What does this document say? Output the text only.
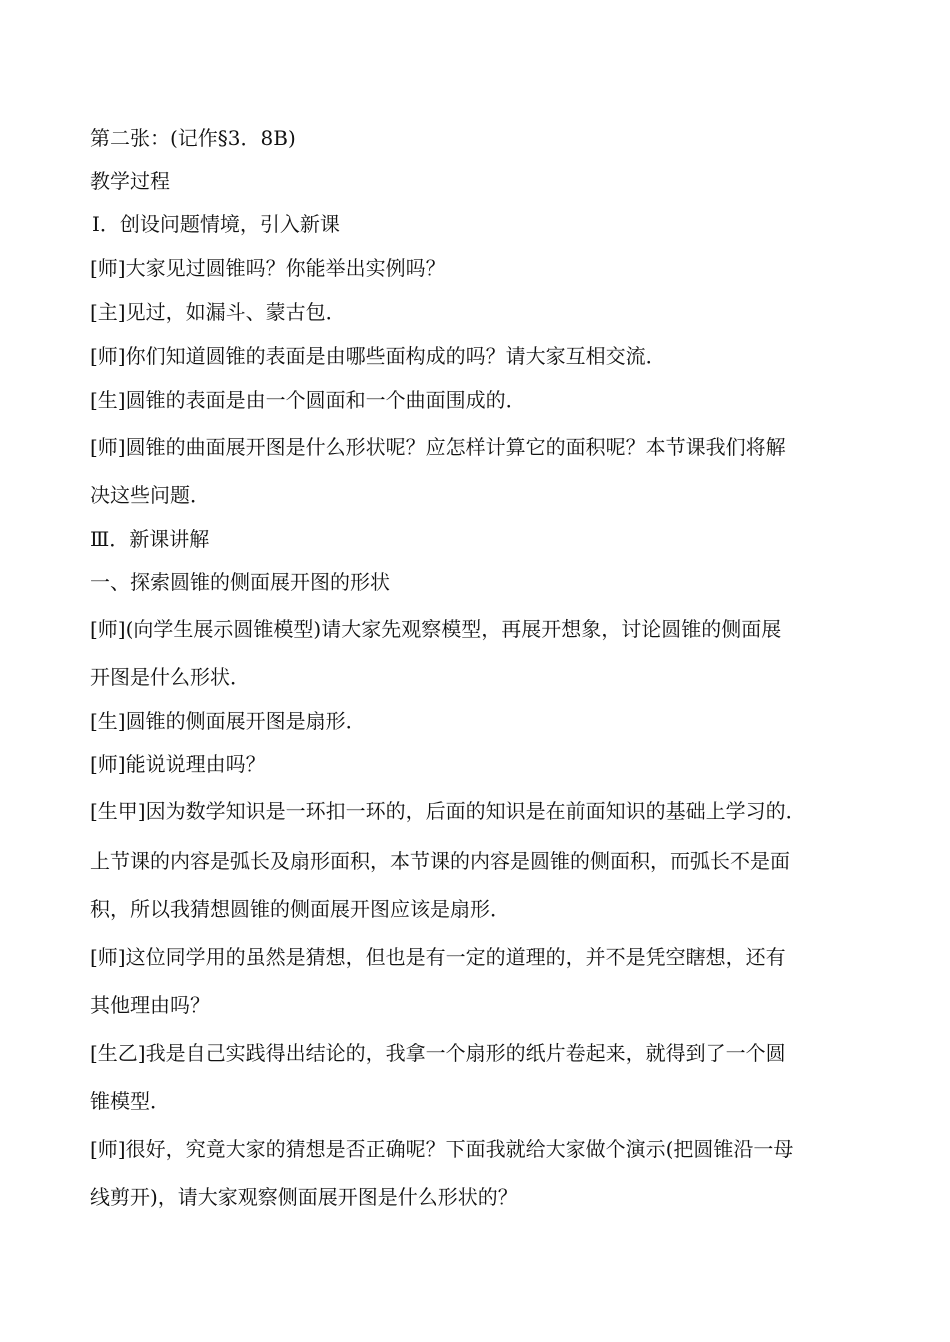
第二张：(记作§3．8B)
教学过程
Ⅰ．创设问题情境，引入新课
[师]大家见过圆锥吗？你能举出实例吗？
[主]见过，如漏斗、蒙古包．
[师]你们知道圆锥的表面是由哪些面构成的吗？请大家互相交流．
[生]圆锥的表面是由一个圆面和一个曲面围成的．
[师]圆锥的曲面展开图是什么形状呢？应怎样计算它的面积呢？本节课我们将解
决这些问题．
Ⅲ．新课讲解
一、探索圆锥的侧面展开图的形状
[师](向学生展示圆锥模型)请大家先观察模型，再展开想象，讨论圆锥的侧面展
开图是什么形状．
[生]圆锥的侧面展开图是扇形．
[师]能说说理由吗？
[生甲]因为数学知识是一环扣一环的，后面的知识是在前面知识的基础上学习的．
上节课的内容是弧长及扇形面积，本节课的内容是圆锥的侧面积，而弧长不是面
积，所以我猜想圆锥的侧面展开图应该是扇形．
[师]这位同学用的虽然是猜想，但也是有一定的道理的，并不是凭空瞎想，还有
其他理由吗？
[生乙]我是自己实践得出结论的，我拿一个扇形的纸片卷起来，就得到了一个圆
锥模型．
[师]很好，究竟大家的猜想是否正确呢？下面我就给大家做个演示(把圆锥沿一母
线剪开)，请大家观察侧面展开图是什么形状的？
